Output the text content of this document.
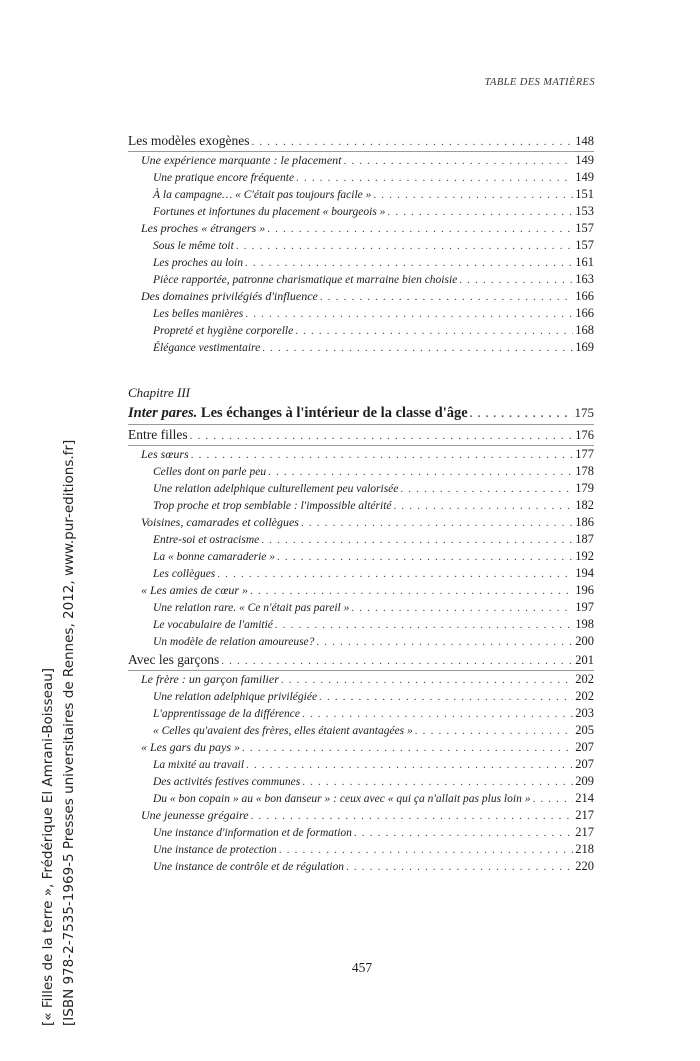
TABLE DES MATIÈRES
Les modèles exogènes . . .	148
Une expérience marquante : le placement . . .	149
Une pratique encore fréquente . . .	149
À la campagne… « C'était pas toujours facile » . . .	151
Fortunes et infortunes du placement « bourgeois » . . .	153
Les proches « étrangers » . . .	157
Sous le même toit . . .	157
Les proches au loin . . .	161
Pièce rapportée, patronne charismatique et marraine bien choisie . . .	163
Des domaines privilégiés d'influence . . .	166
Les belles manières . . .	166
Propreté et hygiène corporelle . . .	168
Élégance vestimentaire . . .	169
Chapitre III
Inter pares. Les échanges à l'intérieur de la classe d'âge . . .	175
Entre filles . . .	176
Les sœurs . . .	177
Celles dont on parle peu . . .	178
Une relation adelphique culturellement peu valorisée . . .	179
Trop proche et trop semblable : l'impossible altérité . . .	182
Voisines, camarades et collègues . . .	186
Entre-soi et ostracisme . . .	187
La « bonne camaraderie » . . .	192
Les collègues . . .	194
« Les amies de cœur » . . .	196
Une relation rare. « Ce n'était pas pareil » . . .	197
Le vocabulaire de l'amitié . . .	198
Un modèle de relation amoureuse? . . .	200
Avec les garçons . . .	201
Le frère : un garçon familier . . .	202
Une relation adelphique privilégiée . . .	202
L'apprentissage de la différence . . .	203
« Celles qu'avaient des frères, elles étaient avantagées » . . .	205
« Les gars du pays » . . .	207
La mixité au travail . . .	207
Des activités festives communes . . .	209
Du « bon copain » au « bon danseur » : ceux avec « qui ça n'allait pas plus loin » . . .	214
Une jeunesse grégaire . . .	217
Une instance d'information et de formation . . .	217
Une instance de protection . . .	218
Une instance de contrôle et de régulation . . .	220
457
[« Filles de la terre », Frédérique El Amrani-Boisseau] [ISBN 978-2-7535-1969-5 Presses universitaires de Rennes, 2012, www.pur-editions.fr]
